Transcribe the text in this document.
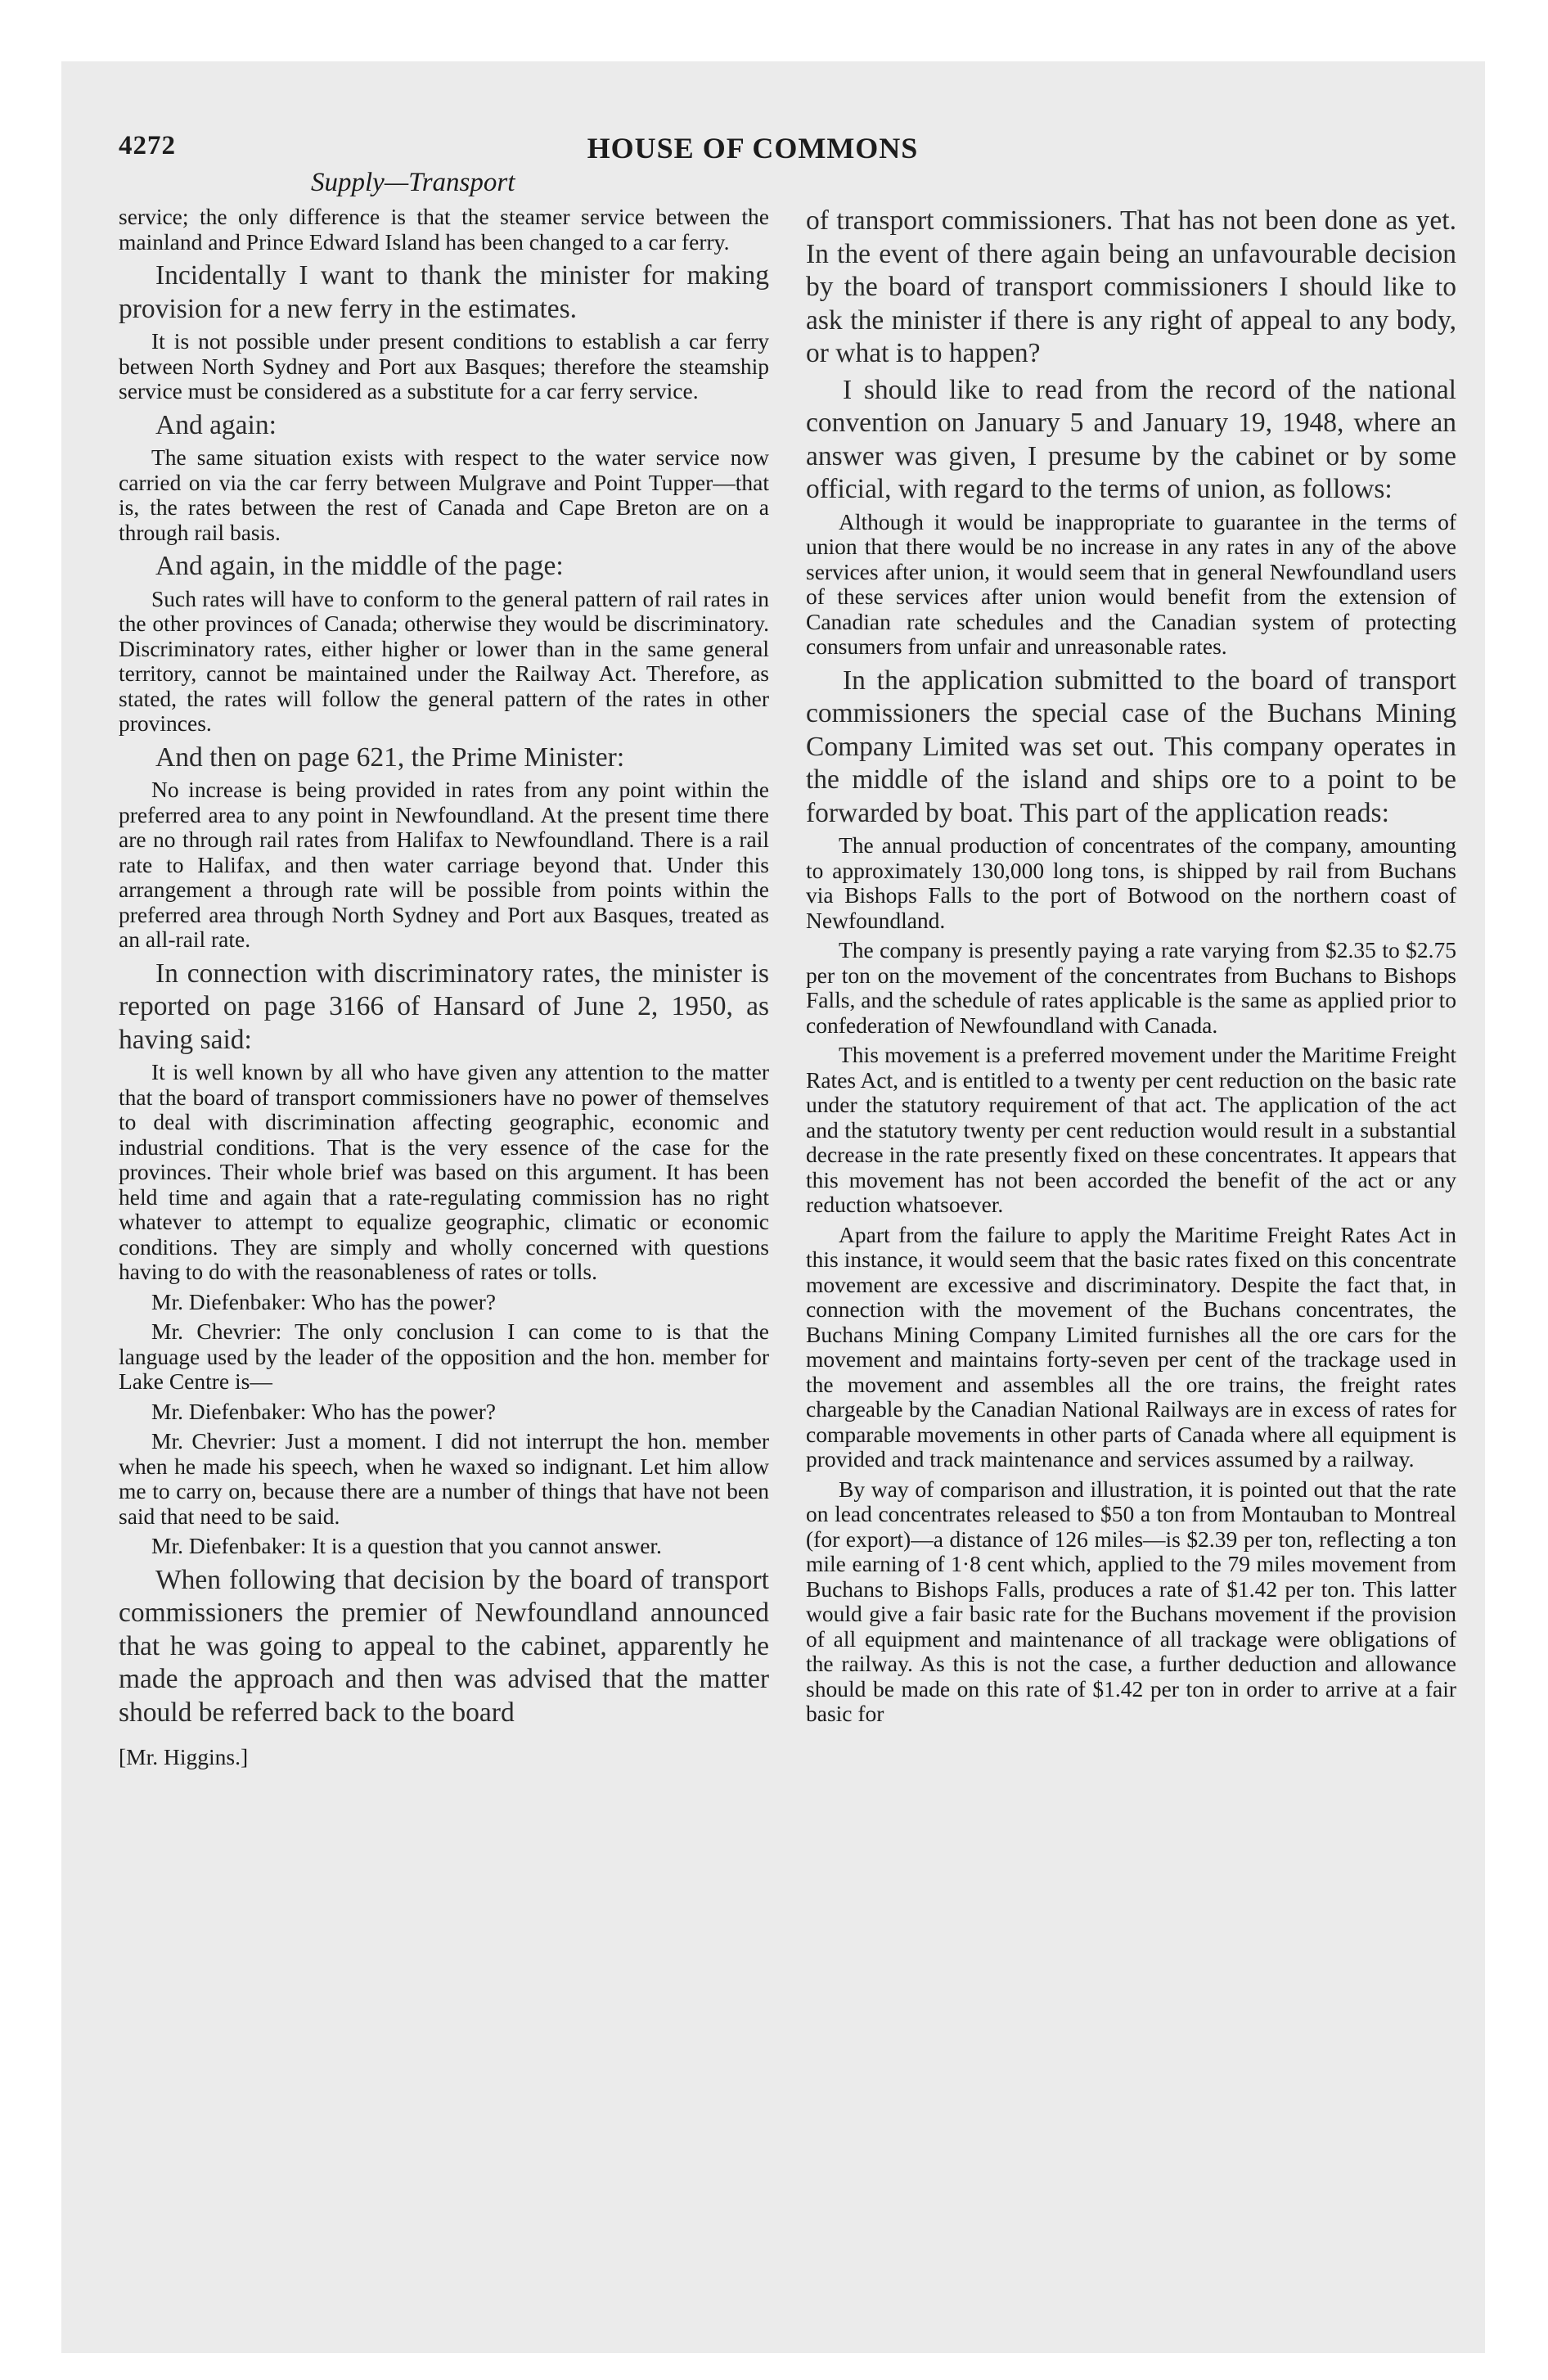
4272	HOUSE OF COMMONS
Supply—Transport

service; the only difference is that the steamer service between the mainland and Prince Edward Island has been changed to a car ferry.

Incidentally I want to thank the minister for making provision for a new ferry in the estimates.

It is not possible under present conditions to establish a car ferry between North Sydney and Port aux Basques; therefore the steamship service must be considered as a substitute for a car ferry service.

And again:

The same situation exists with respect to the water service now carried on via the car ferry between Mulgrave and Point Tupper—that is, the rates between the rest of Canada and Cape Breton are on a through rail basis.

And again, in the middle of the page:

Such rates will have to conform to the general pattern of rail rates in the other provinces of Canada; otherwise they would be discriminatory. Discriminatory rates, either higher or lower than in the same general territory, cannot be maintained under the Railway Act. Therefore, as stated, the rates will follow the general pattern of the rates in other provinces.

And then on page 621, the Prime Minister:

No increase is being provided in rates from any point within the preferred area to any point in Newfoundland. At the present time there are no through rail rates from Halifax to Newfoundland. There is a rail rate to Halifax, and then water carriage beyond that. Under this arrangement a through rate will be possible from points within the preferred area through North Sydney and Port aux Basques, treated as an all-rail rate.

In connection with discriminatory rates, the minister is reported on page 3166 of Hansard of June 2, 1950, as having said:

It is well known by all who have given any attention to the matter that the board of transport commissioners have no power of themselves to deal with discrimination affecting geographic, economic and industrial conditions. That is the very essence of the case for the provinces. Their whole brief was based on this argument. It has been held time and again that a rate-regulating commission has no right whatever to attempt to equalize geographic, climatic or economic conditions. They are simply and wholly concerned with questions having to do with the reasonableness of rates or tolls.

Mr. Diefenbaker: Who has the power?

Mr. Chevrier: The only conclusion I can come to is that the language used by the leader of the opposition and the hon. member for Lake Centre is—

Mr. Diefenbaker: Who has the power?

Mr. Chevrier: Just a moment. I did not interrupt the hon. member when he made his speech, when he waxed so indignant. Let him allow me to carry on, because there are a number of things that have not been said that need to be said.

Mr. Diefenbaker: It is a question that you cannot answer.

When following that decision by the board of transport commissioners the premier of Newfoundland announced that he was going to appeal to the cabinet, apparently he made the approach and then was advised that the matter should be referred back to the board

[Mr. Higgins.]

of transport commissioners. That has not been done as yet. In the event of there again being an unfavourable decision by the board of transport commissioners I should like to ask the minister if there is any right of appeal to any body, or what is to happen?

I should like to read from the record of the national convention on January 5 and January 19, 1948, where an answer was given, I presume by the cabinet or by some official, with regard to the terms of union, as follows:

Although it would be inappropriate to guarantee in the terms of union that there would be no increase in any rates in any of the above services after union, it would seem that in general Newfoundland users of these services after union would benefit from the extension of Canadian rate schedules and the Canadian system of protecting consumers from unfair and unreasonable rates.

In the application submitted to the board of transport commissioners the special case of the Buchans Mining Company Limited was set out. This company operates in the middle of the island and ships ore to a point to be forwarded by boat. This part of the application reads:

The annual production of concentrates of the company, amounting to approximately 130,000 long tons, is shipped by rail from Buchans via Bishops Falls to the port of Botwood on the northern coast of Newfoundland.

The company is presently paying a rate varying from $2.35 to $2.75 per ton on the movement of the concentrates from Buchans to Bishops Falls, and the schedule of rates applicable is the same as applied prior to confederation of Newfoundland with Canada.

This movement is a preferred movement under the Maritime Freight Rates Act, and is entitled to a twenty per cent reduction on the basic rate under the statutory requirement of that act. The application of the act and the statutory twenty per cent reduction would result in a substantial decrease in the rate presently fixed on these concentrates. It appears that this movement has not been accorded the benefit of the act or any reduction whatsoever.

Apart from the failure to apply the Maritime Freight Rates Act in this instance, it would seem that the basic rates fixed on this concentrate movement are excessive and discriminatory. Despite the fact that, in connection with the movement of the Buchans concentrates, the Buchans Mining Company Limited furnishes all the ore cars for the movement and maintains forty-seven per cent of the trackage used in the movement and assembles all the ore trains, the freight rates chargeable by the Canadian National Railways are in excess of rates for comparable movements in other parts of Canada where all equipment is provided and track maintenance and services assumed by a railway.

By way of comparison and illustration, it is pointed out that the rate on lead concentrates released to $50 a ton from Montauban to Montreal (for export)—a distance of 126 miles—is $2.39 per ton, reflecting a ton mile earning of 1·8 cent which, applied to the 79 miles movement from Buchans to Bishops Falls, produces a rate of $1.42 per ton. This latter would give a fair basic rate for the Buchans movement if the provision of all equipment and maintenance of all trackage were obligations of the railway. As this is not the case, a further deduction and allowance should be made on this rate of $1.42 per ton in order to arrive at a fair basic for
